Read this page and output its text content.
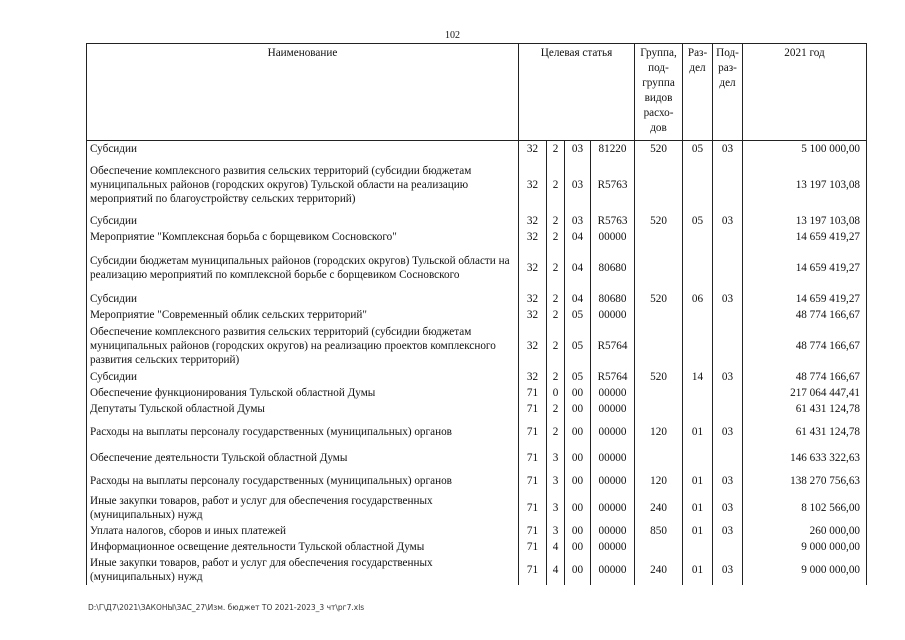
102
Наименование	Целевая статья				Группа, под-группа видов расхо-дов	Раз-дел	Под-раз-дел	2021 год
Субсидии	32	2	03	81220	520	05	03	5 100 000,00
Обеспечение комплексного развития сельских территорий (субсидии бюджетам муниципальных районов (городских округов) Тульской области на реализацию мероприятий по благоустройству сельских территорий)	32	2	03	R5763				13 197 103,08
Субсидии	32	2	03	R5763	520	05	03	13 197 103,08
Мероприятие "Комплексная борьба с борщевиком Сосновского"	32	2	04	00000				14 659 419,27
Субсидии бюджетам муниципальных районов (городских округов) Тульской области на реализацию мероприятий по комплексной борьбе с борщевиком Сосновского	32	2	04	80680				14 659 419,27
Субсидии	32	2	04	80680	520	06	03	14 659 419,27
Мероприятие "Современный облик сельских территорий"	32	2	05	00000				48 774 166,67
Обеспечение комплексного развития сельских территорий (субсидии бюджетам муниципальных районов (городских округов) на реализацию проектов комплексного развития сельских территорий)	32	2	05	R5764				48 774 166,67
Субсидии	32	2	05	R5764	520	14	03	48 774 166,67
Обеспечение функционирования Тульской областной Думы	71	0	00	00000				217 064 447,41
Депутаты Тульской областной Думы	71	2	00	00000				61 431 124,78
Расходы на выплаты персоналу государственных (муниципальных) органов	71	2	00	00000	120	01	03	61 431 124,78
Обеспечение деятельности Тульской областной Думы	71	3	00	00000				146 633 322,63
Расходы на выплаты персоналу государственных (муниципальных) органов	71	3	00	00000	120	01	03	138 270 756,63
Иные закупки товаров, работ и услуг для обеспечения государственных (муниципальных) нужд	71	3	00	00000	240	01	03	8 102 566,00
Уплата налогов, сборов и иных платежей	71	3	00	00000	850	01	03	260 000,00
Информационное освещение деятельности Тульской областной Думы	71	4	00	00000				9 000 000,00
Иные закупки товаров, работ и услуг для обеспечения государственных (муниципальных) нужд	71	4	00	00000	240	01	03	9 000 000,00
D:\Г\Д7\2021\ЗАКОНЫ\ЗАС_27\Изм. бюджет ТО 2021-2023_3 чт\рг7.xls
